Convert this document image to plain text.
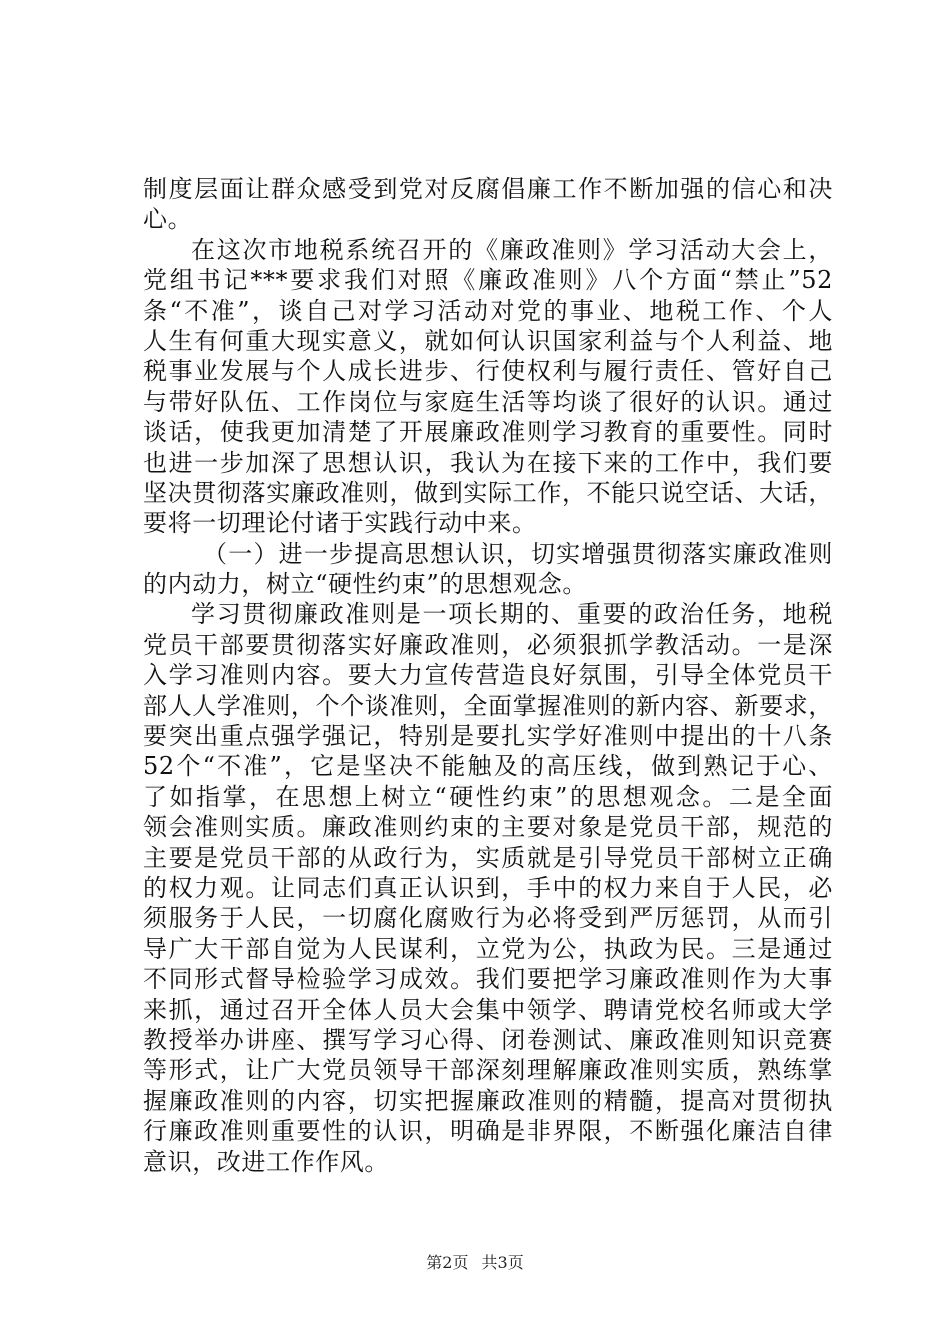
制度层面让群众感受到党对反腐倡廉工作不断加强的信心和决
心。
在这次市地税系统召开的《廉政准则》学习活动大会上，
党组书记***要求我们对照《廉政准则》八个方面“禁止”52
条“不准”，谈自己对学习活动对党的事业、地税工作、个人
人生有何重大现实意义，就如何认识国家利益与个人利益、地
税事业发展与个人成长进步、行使权利与履行责任、管好自己
与带好队伍、工作岗位与家庭生活等均谈了很好的认识。通过
谈话，使我更加清楚了开展廉政准则学习教育的重要性。同时
也进一步加深了思想认识，我认为在接下来的工作中，我们要
坚决贯彻落实廉政准则，做到实际工作，不能只说空话、大话，
要将一切理论付诸于实践行动中来。
（一）进一步提高思想认识，切实增强贯彻落实廉政准则
的内动力，树立“硬性约束”的思想观念。
学习贯彻廉政准则是一项长期的、重要的政治任务，地税
党员干部要贯彻落实好廉政准则，必须狠抓学教活动。一是深
入学习准则内容。要大力宣传营造良好氛围，引导全体党员干
部人人学准则，个个谈准则，全面掌握准则的新内容、新要求，
要突出重点强学强记，特别是要扎实学好准则中提出的十八条
52个“不准”，它是坚决不能触及的高压线，做到熟记于心、
了如指掌，在思想上树立“硬性约束”的思想观念。二是全面
领会准则实质。廉政准则约束的主要对象是党员干部，规范的
主要是党员干部的从政行为，实质就是引导党员干部树立正确
的权力观。让同志们真正认识到，手中的权力来自于人民，必
须服务于人民，一切腐化腐败行为必将受到严厉惩罚，从而引
导广大干部自觉为人民谋利，立党为公，执政为民。三是通过
不同形式督导检验学习成效。我们要把学习廉政准则作为大事
来抓，通过召开全体人员大会集中领学、聘请党校名师或大学
教授举办讲座、撰写学习心得、闭卷测试、廉政准则知识竞赛
等形式，让广大党员领导干部深刻理解廉政准则实质，熟练掌
握廉政准则的内容，切实把握廉政准则的精髓，提高对贯彻执
行廉政准则重要性的认识，明确是非界限，不断强化廉洁自律
意识，改进工作作风。
第2页 共3页
